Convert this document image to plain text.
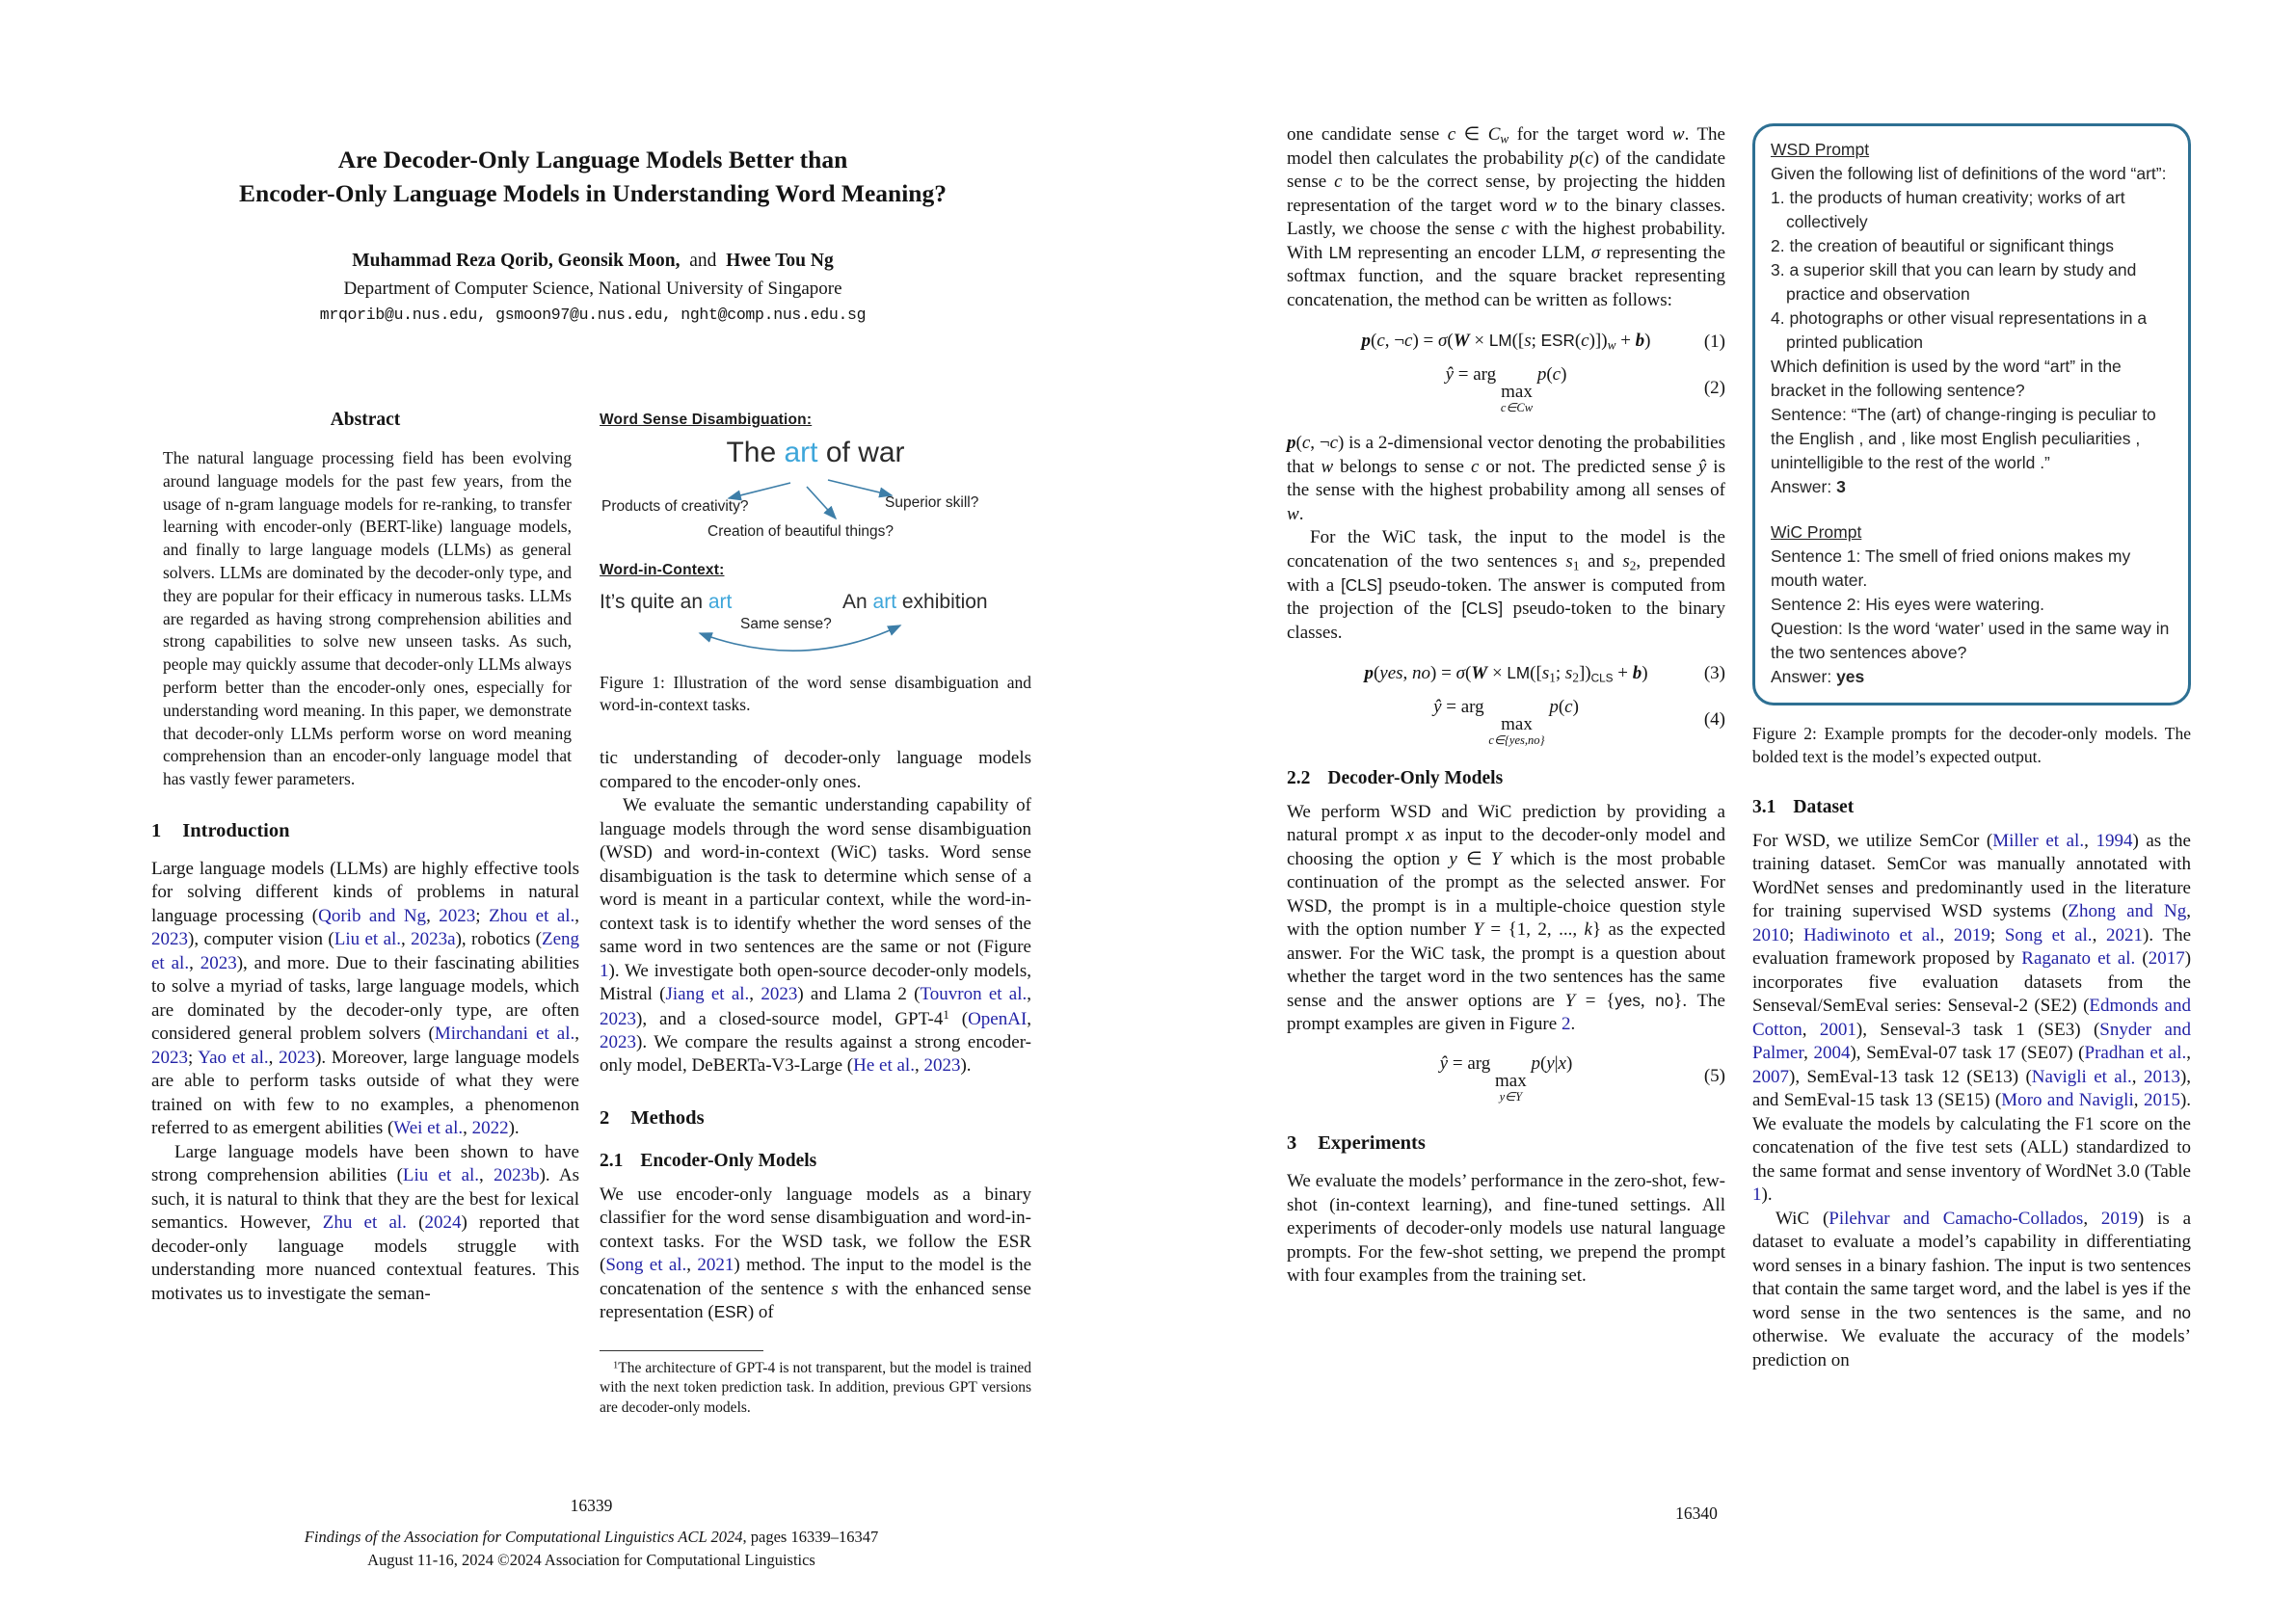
Are Decoder-Only Language Models Better than
Encoder-Only Language Models in Understanding Word Meaning?
Muhammad Reza Qorib, Geonsik Moon, and Hwee Tou Ng
Department of Computer Science, National University of Singapore
mrqorib@u.nus.edu, gsmoon97@u.nus.edu, nght@comp.nus.edu.sg
Abstract

The natural language processing field has been evolving around language models for the past few years, from the usage of n-gram language models for re-ranking, to transfer learning with encoder-only (BERT-like) language models, and finally to large language models (LLMs) as general solvers. LLMs are dominated by the decoder-only type, and they are popular for their efficacy in numerous tasks. LLMs are regarded as having strong comprehension abilities and strong capabilities to solve new unseen tasks. As such, people may quickly assume that decoder-only LLMs always perform better than the encoder-only ones, especially for understanding word meaning. In this paper, we demonstrate that decoder-only LLMs perform worse on word meaning comprehension than an encoder-only language model that has vastly fewer parameters.

1 Introduction

Large language models (LLMs) are highly effective tools for solving different kinds of problems in natural language processing (Qorib and Ng, 2023; Zhou et al., 2023), computer vision (Liu et al., 2023a), robotics (Zeng et al., 2023), and more. Due to their fascinating abilities to solve a myriad of tasks, large language models, which are dominated by the decoder-only type, are often considered general problem solvers (Mirchandani et al., 2023; Yao et al., 2023). Moreover, large language models are able to perform tasks outside of what they were trained on with few to no examples, a phenomenon referred to as emergent abilities (Wei et al., 2022).

Large language models have been shown to have strong comprehension abilities (Liu et al., 2023b). As such, it is natural to think that they are the best for lexical semantics. However, Zhu et al. (2024) reported that decoder-only language models struggle with understanding more nuanced contextual features. This motivates us to investigate the seman-

Word Sense Disambiguation:
The art of war
Products of creativity?	Superior skill?
Creation of beautiful things?
Word-in-Context:
It’s quite an art	An art exhibition
Same sense?

Figure 1: Illustration of the word sense disambiguation and word-in-context tasks.

tic understanding of decoder-only language models compared to the encoder-only ones.

We evaluate the semantic understanding capability of language models through the word sense disambiguation (WSD) and word-in-context (WiC) tasks. Word sense disambiguation is the task to determine which sense of a word is meant in a particular context, while the word-in-context task is to identify whether the word senses of the same word in two sentences are the same or not (Figure 1). We investigate both open-source decoder-only models, Mistral (Jiang et al., 2023) and Llama 2 (Touvron et al., 2023), and a closed-source model, GPT-$4^1$ (OpenAI, 2023). We compare the results against a strong encoder-only model, DeBERTa-V3-Large (He et al., 2023).

2 Methods
2.1 Encoder-Only Models

We use encoder-only language models as a binary classifier for the word sense disambiguation and word-in-context tasks. For the WSD task, we follow the ESR (Song et al., 2021) method. The input to the model is the concatenation of the sentence s with the enhanced sense representation (ESR) of

$^1$The architecture of GPT-4 is not transparent, but the model is trained with the next token prediction task. In addition, previous GPT versions are decoder-only models.

16339
Findings of the Association for Computational Linguistics ACL 2024, pages 16339–16347
August 11-16, 2024 ©2024 Association for Computational Linguistics

one candidate sense c ∈ $C_w$ for the target word w. The model then calculates the probability p(c) of the candidate sense c to be the correct sense, by projecting the hidden representation of the target word w to the binary classes. Lastly, we choose the sense c with the highest probability. With LM representing an encoder LLM, σ representing the softmax function, and the square bracket representing concatenation, the method can be written as follows:

p(c, ¬c) = σ(W × LM([s; $ESR(c)])_w + b$)	(1)
ŷ = arg
max
c∈Cw
p(c)
(2)

p(c, ¬c) is a 2-dimensional vector denoting the probabilities that w belongs to sense c or not. The predicted sense ŷ is the sense with the highest probability among all senses of w.

For the WiC task, the input to the model is the concatenation of the two sentences $s_1$ and $s_2$, prepended with a [CLS] pseudo-token. The answer is computed from the projection of the [CLS] pseudo-token to the binary classes.

p(yes, $no) = \sigma(W \times LM([s_1$; $s_2])_{CLS} + b$)	(3)
ŷ = arg
max
c∈{yes,no}
p(c)
(4)
2.2 Decoder-Only Models

We perform WSD and WiC prediction by providing a natural prompt x as input to the decoder-only model and choosing the option y ∈ Y which is the most probable continuation of the prompt as the selected answer. For WSD, the prompt is in a multiple-choice question style with the option number Y = {1, 2, ..., k} as the expected answer. For the WiC task, the prompt is a question about whether the target word in the two sentences has the same sense and the answer options are Y = {yes, no}. The prompt examples are given in Figure 2.

ŷ = arg
max
y∈Y
p(y|x)
(5)
3 Experiments

We evaluate the models’ performance in the zero-shot, few-shot (in-context learning), and fine-tuned settings. All experiments of decoder-only models use natural language prompts. For the few-shot setting, we prepend the prompt with four examples from the training set.

WSD Prompt
Given the following list of definitions of the word “art”:
1. the products of human creativity; works of art collectively
2. the creation of beautiful or significant things
3. a superior skill that you can learn by study and practice and observation
4. photographs or other visual representations in a printed publication
Which definition is used by the word “art” in the bracket in the following sentence?
Sentence: “The (art) of change-ringing is peculiar to the English , and , like most English peculiarities , unintelligible to the rest of the world .”
Answer: 3
WiC Prompt
Sentence 1: The smell of fried onions makes my mouth water.
Sentence 2: His eyes were watering.
Question: Is the word ‘water’ used in the same way in the two sentences above?
Answer: yes

Figure 2: Example prompts for the decoder-only models. The bolded text is the model’s expected output.

3.1 Dataset

For WSD, we utilize SemCor (Miller et al., 1994) as the training dataset. SemCor was manually annotated with WordNet senses and predominantly used in the literature for training supervised WSD systems (Zhong and Ng, 2010; Hadiwinoto et al., 2019; Song et al., 2021). The evaluation framework proposed by Raganato et al. (2017) incorporates five evaluation datasets from the Senseval/SemEval series: Senseval-2 (SE2) (Edmonds and Cotton, 2001), Senseval-3 task 1 (SE3) (Snyder and Palmer, 2004), SemEval-07 task 17 (SE07) (Pradhan et al., 2007), SemEval-13 task 12 (SE13) (Navigli et al., 2013), and SemEval-15 task 13 (SE15) (Moro and Navigli, 2015). We evaluate the models by calculating the F1 score on the concatenation of the five test sets (ALL) standardized to the same format and sense inventory of WordNet 3.0 (Table 1).

WiC (Pilehvar and Camacho-Collados, 2019) is a dataset to evaluate a model’s capability in differentiating word senses in a binary fashion. The input is two sentences that contain the same target word, and the label is yes if the word sense in the two sentences is the same, and no otherwise. We evaluate the accuracy of the models’ prediction on

16340
